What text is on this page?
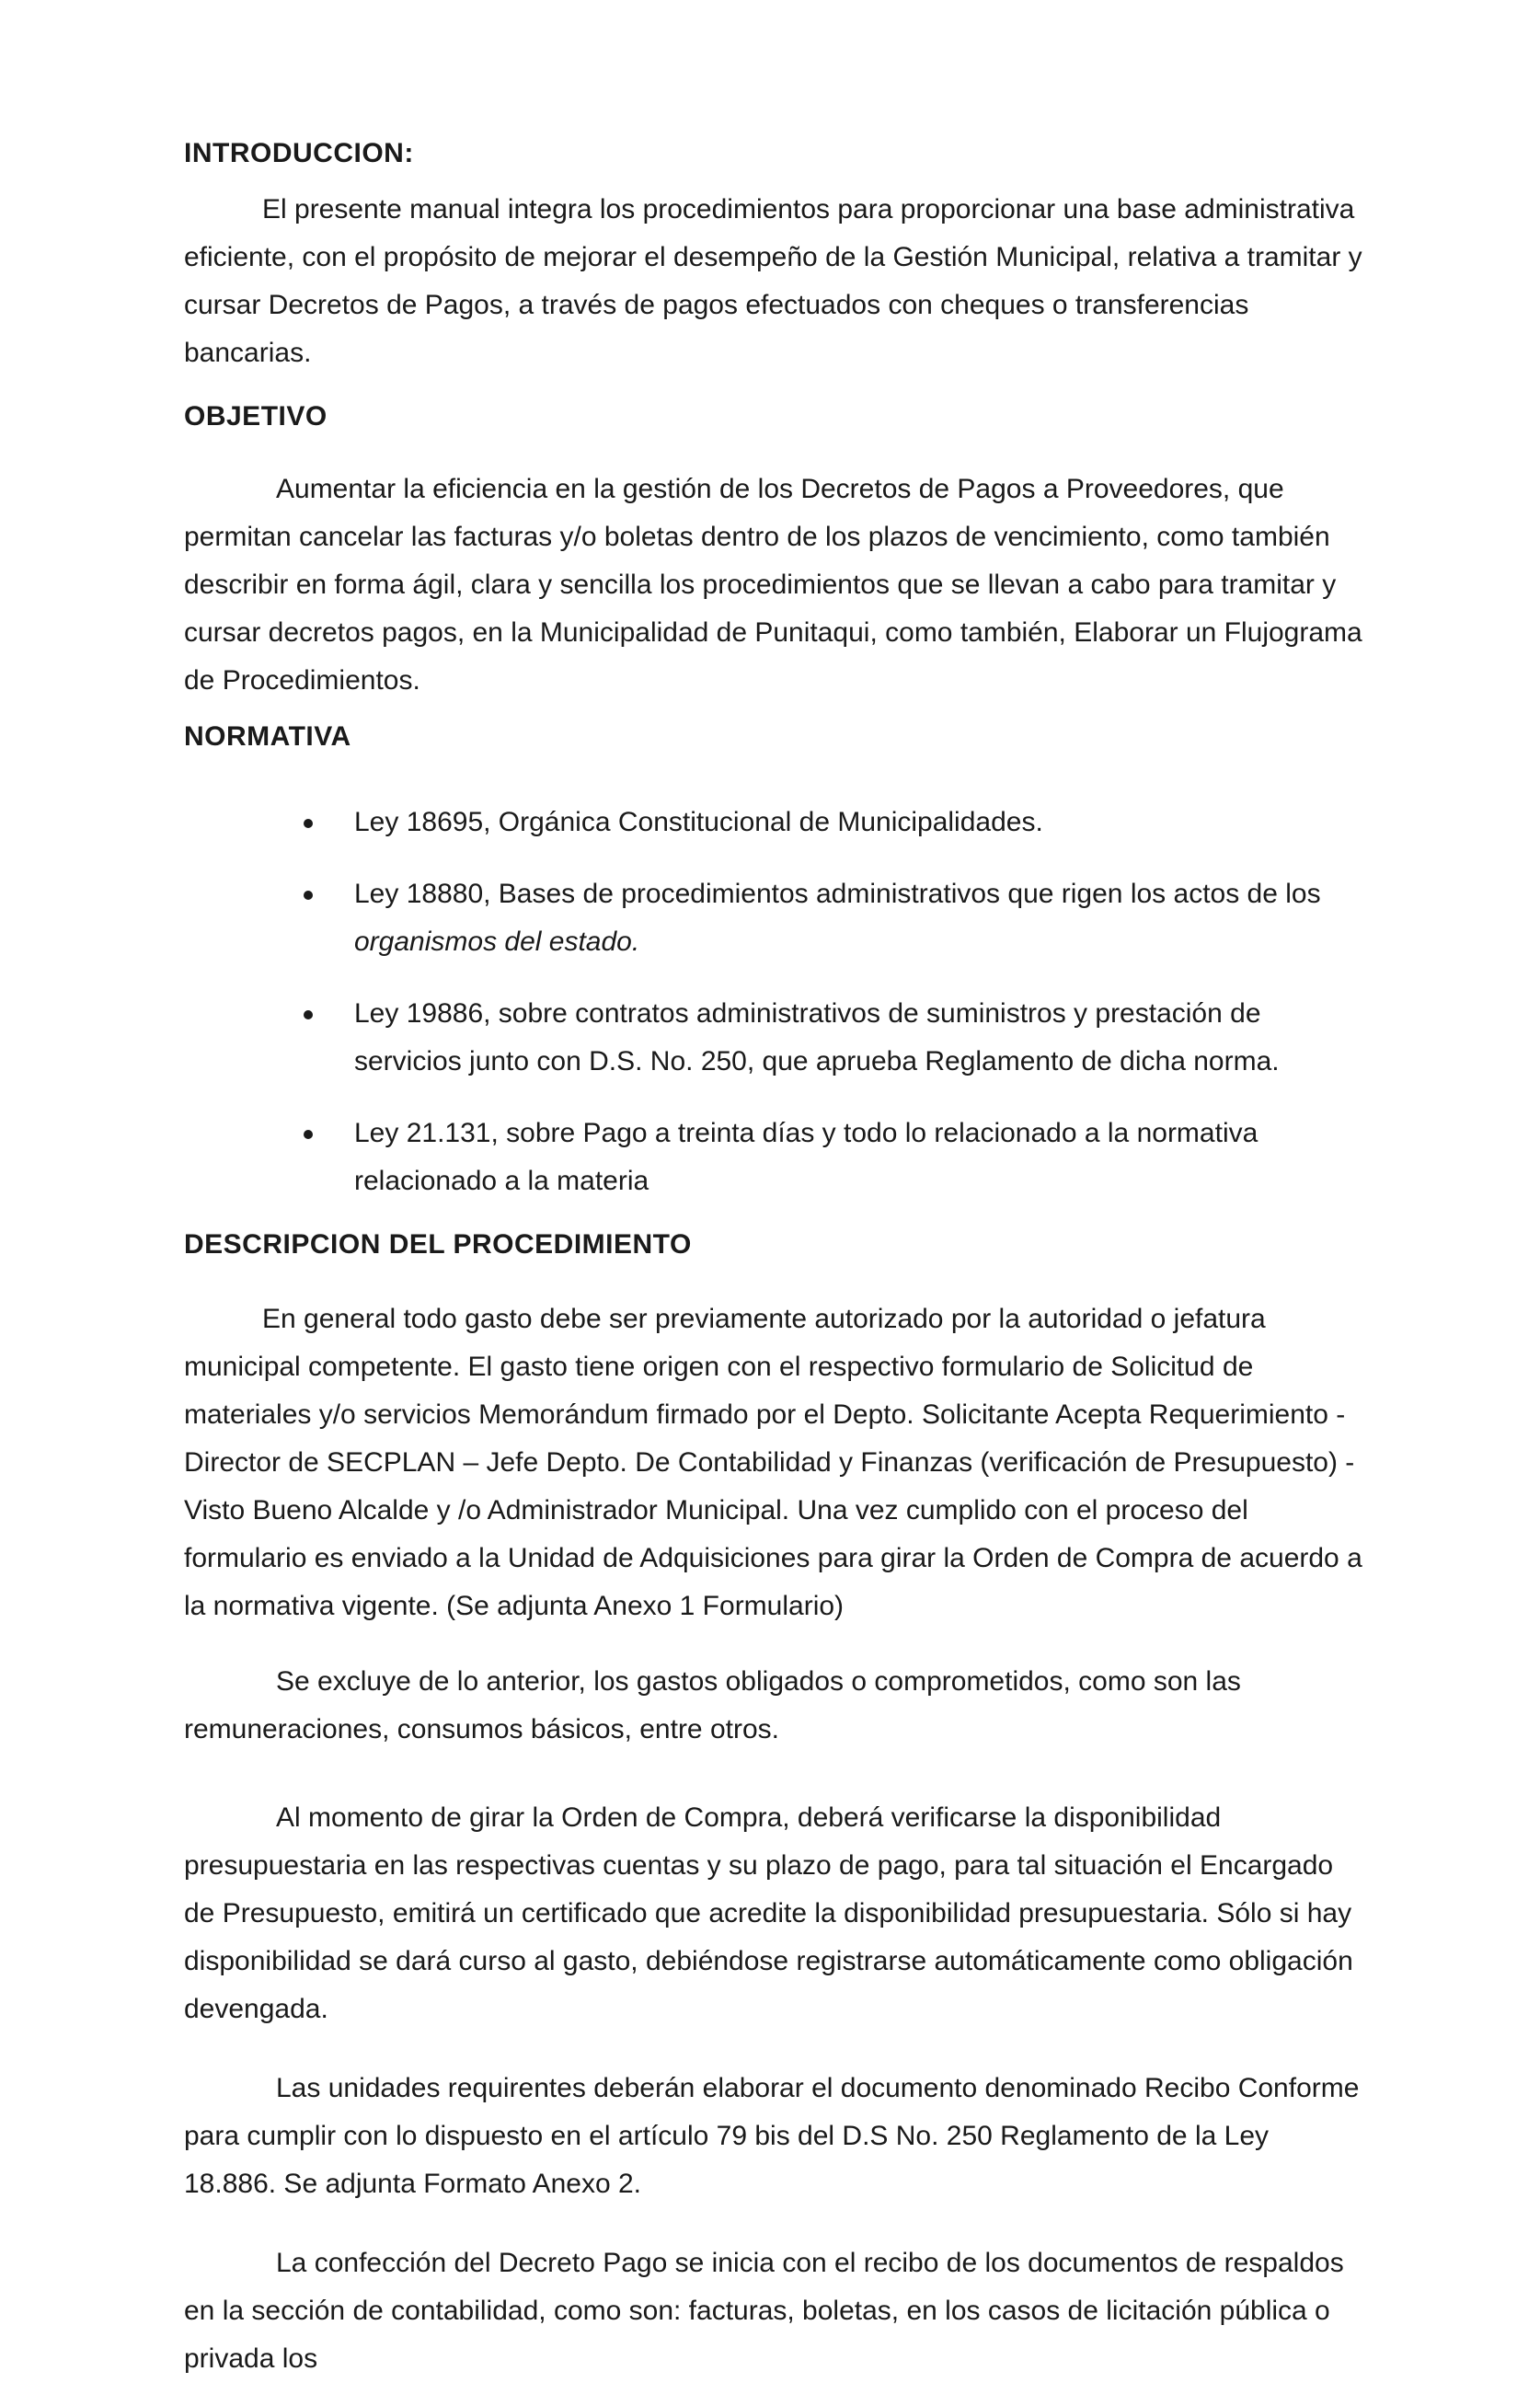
INTRODUCCION:

El presente manual integra los procedimientos para proporcionar una base administrativa eficiente, con el propósito de mejorar el desempeño de la Gestión Municipal, relativa a tramitar y cursar Decretos de Pagos, a través de pagos efectuados con cheques o transferencias bancarias.

OBJETIVO

Aumentar la eficiencia en la gestión de los Decretos de Pagos a Proveedores, que permitan cancelar las facturas y/o boletas dentro de los plazos de vencimiento, como también describir en forma ágil, clara y sencilla los procedimientos que se llevan a cabo para tramitar y cursar decretos pagos, en la Municipalidad de Punitaqui, como también, Elaborar un Flujograma de Procedimientos.

NORMATIVA
Ley 18695, Orgánica Constitucional de Municipalidades.
Ley 18880, Bases de procedimientos administrativos que rigen los actos de los organismos del estado.
Ley 19886, sobre contratos administrativos de suministros y prestación de servicios junto con D.S. No. 250, que aprueba Reglamento de dicha norma.
Ley 21.131, sobre Pago a treinta días y todo lo relacionado a la normativa relacionado a la materia
DESCRIPCION DEL PROCEDIMIENTO

En general todo gasto debe ser previamente autorizado por la autoridad o jefatura municipal competente. El gasto tiene origen con el respectivo formulario de Solicitud de materiales y/o servicios Memorándum firmado por el Depto. Solicitante Acepta Requerimiento - Director de SECPLAN – Jefe Depto. De Contabilidad y Finanzas (verificación de Presupuesto) - Visto Bueno Alcalde y /o Administrador Municipal. Una vez cumplido con el proceso del formulario es enviado a la Unidad de Adquisiciones para girar la Orden de Compra de acuerdo a la normativa vigente. (Se adjunta Anexo 1 Formulario)

Se excluye de lo anterior, los gastos obligados o comprometidos, como son las remuneraciones, consumos básicos, entre otros.

Al momento de girar la Orden de Compra, deberá verificarse la disponibilidad presupuestaria en las respectivas cuentas y su plazo de pago, para tal situación el Encargado de Presupuesto, emitirá un certificado que acredite la disponibilidad presupuestaria. Sólo si hay disponibilidad se dará curso al gasto, debiéndose registrarse automáticamente como obligación devengada.

Las unidades requirentes deberán elaborar el documento denominado Recibo Conforme para cumplir con lo dispuesto en el artículo 79 bis del D.S No. 250 Reglamento de la Ley 18.886. Se adjunta Formato Anexo 2.

La confección del Decreto Pago se inicia con el recibo de los documentos de respaldos en la sección de contabilidad, como son: facturas, boletas, en los casos de licitación pública o privada los
